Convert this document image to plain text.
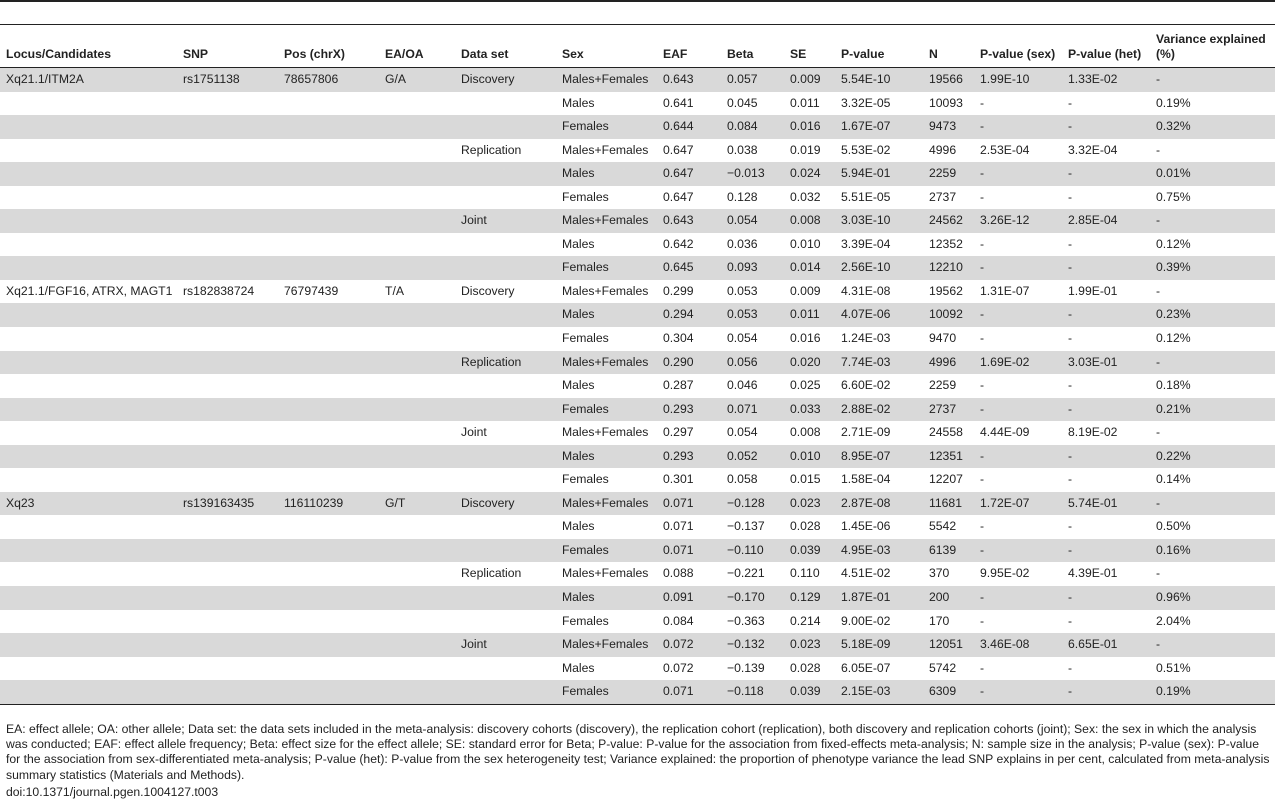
Locus/Candidates	SNP	Pos (chrX)	EA/OA	Data set	Sex	EAF	Beta	SE	P-value	N	P-value (sex)	P-value (het)	Variance explained (%)
Xq21.1/ITM2A	rs1751138	78657806	G/A	Discovery	Males+Females	0.643	0.057	0.009	5.54E-10	19566	1.99E-10	1.33E-02	-
					Males	0.641	0.045	0.011	3.32E-05	10093	-	-	0.19%
					Females	0.644	0.084	0.016	1.67E-07	9473	-	-	0.32%
				Replication	Males+Females	0.647	0.038	0.019	5.53E-02	4996	2.53E-04	3.32E-04	-
					Males	0.647	−0.013	0.024	5.94E-01	2259	-	-	0.01%
					Females	0.647	0.128	0.032	5.51E-05	2737	-	-	0.75%
				Joint	Males+Females	0.643	0.054	0.008	3.03E-10	24562	3.26E-12	2.85E-04	-
					Males	0.642	0.036	0.010	3.39E-04	12352	-	-	0.12%
					Females	0.645	0.093	0.014	2.56E-10	12210	-	-	0.39%
Xq21.1/FGF16, ATRX, MAGT1	rs182838724	76797439	T/A	Discovery	Males+Females	0.299	0.053	0.009	4.31E-08	19562	1.31E-07	1.99E-01	-
					Males	0.294	0.053	0.011	4.07E-06	10092	-	-	0.23%
					Females	0.304	0.054	0.016	1.24E-03	9470	-	-	0.12%
				Replication	Males+Females	0.290	0.056	0.020	7.74E-03	4996	1.69E-02	3.03E-01	-
					Males	0.287	0.046	0.025	6.60E-02	2259	-	-	0.18%
					Females	0.293	0.071	0.033	2.88E-02	2737	-	-	0.21%
				Joint	Males+Females	0.297	0.054	0.008	2.71E-09	24558	4.44E-09	8.19E-02	-
					Males	0.293	0.052	0.010	8.95E-07	12351	-	-	0.22%
					Females	0.301	0.058	0.015	1.58E-04	12207	-	-	0.14%
Xq23	rs139163435	116110239	G/T	Discovery	Males+Females	0.071	−0.128	0.023	2.87E-08	11681	1.72E-07	5.74E-01	-
					Males	0.071	−0.137	0.028	1.45E-06	5542	-	-	0.50%
					Females	0.071	−0.110	0.039	4.95E-03	6139	-	-	0.16%
				Replication	Males+Females	0.088	−0.221	0.110	4.51E-02	370	9.95E-02	4.39E-01	-
					Males	0.091	−0.170	0.129	1.87E-01	200	-	-	0.96%
					Females	0.084	−0.363	0.214	9.00E-02	170	-	-	2.04%
				Joint	Males+Females	0.072	−0.132	0.023	5.18E-09	12051	3.46E-08	6.65E-01	-
					Males	0.072	−0.139	0.028	6.05E-07	5742	-	-	0.51%
					Females	0.071	−0.118	0.039	2.15E-03	6309	-	-	0.19%
EA: effect allele; OA: other allele; Data set: the data sets included in the meta-analysis: discovery cohorts (discovery), the replication cohort (replication), both discovery and replication cohorts (joint); Sex: the sex in which the analysis was conducted; EAF: effect allele frequency; Beta: effect size for the effect allele; SE: standard error for Beta; P-value: P-value for the association from fixed-effects meta-analysis; N: sample size in the analysis; P-value (sex): P-value for the association from sex-differentiated meta-analysis; P-value (het): P-value from the sex heterogeneity test; Variance explained: the proportion of phenotype variance the lead SNP explains in per cent, calculated from meta-analysis summary statistics (Materials and Methods).
doi:10.1371/journal.pgen.1004127.t003
